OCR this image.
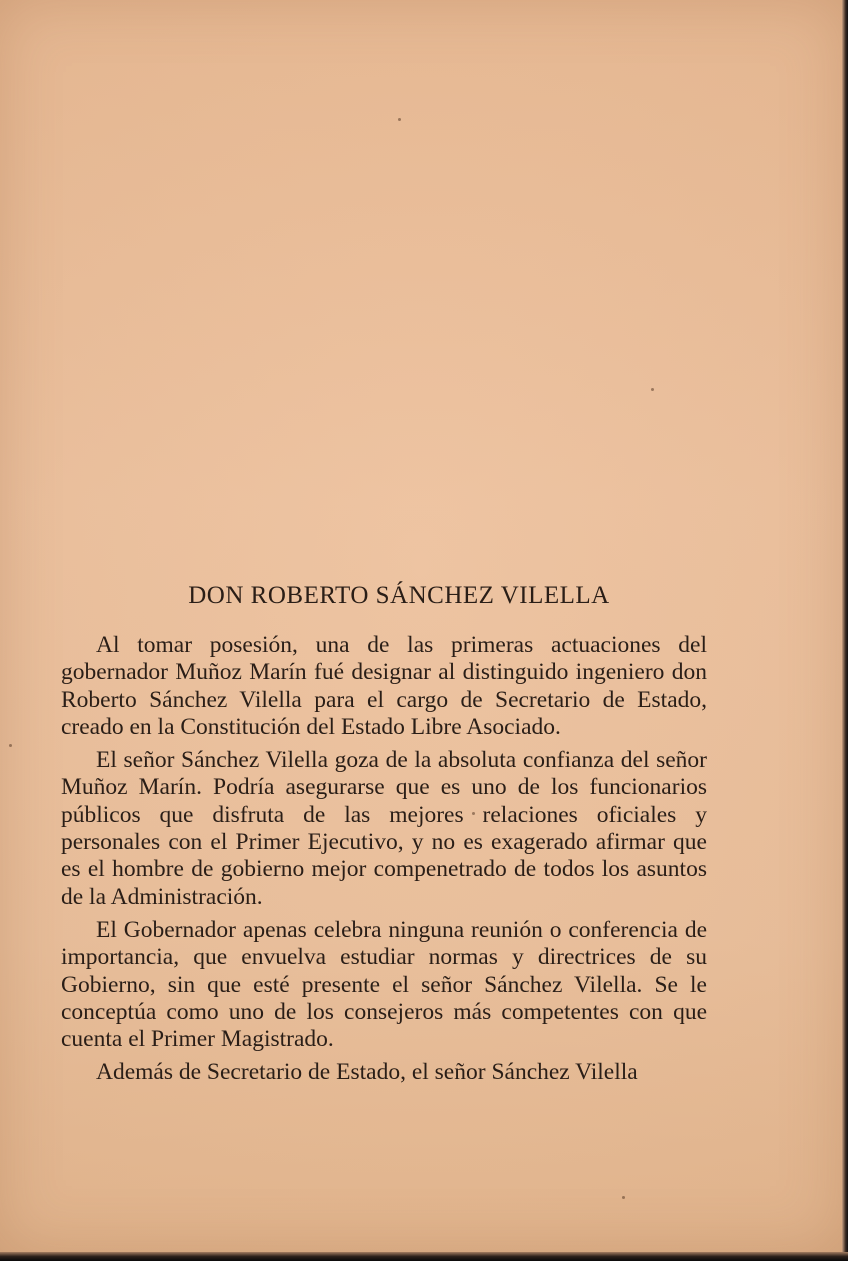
DON ROBERTO SÁNCHEZ VILELLA

Al tomar posesión, una de las primeras actuaciones del gobernador Muñoz Marín fué designar al distinguido ingeniero don Roberto Sánchez Vilella para el cargo de Secretario de Estado, creado en la Constitución del Estado Libre Asociado.

El señor Sánchez Vilella goza de la absoluta confianza del señor Muñoz Marín. Podría asegurarse que es uno de los funcionarios públicos que disfruta de las mejores relaciones oficiales y personales con el Primer Ejecutivo, y no es exagerado afirmar que es el hombre de gobierno mejor compenetrado de todos los asuntos de la Administración.

El Gobernador apenas celebra ninguna reunión o conferencia de importancia, que envuelva estudiar normas y directrices de su Gobierno, sin que esté presente el señor Sánchez Vilella. Se le conceptúa como uno de los consejeros más competentes con que cuenta el Primer Magistrado.

Además de Secretario de Estado, el señor Sánchez Vilella
